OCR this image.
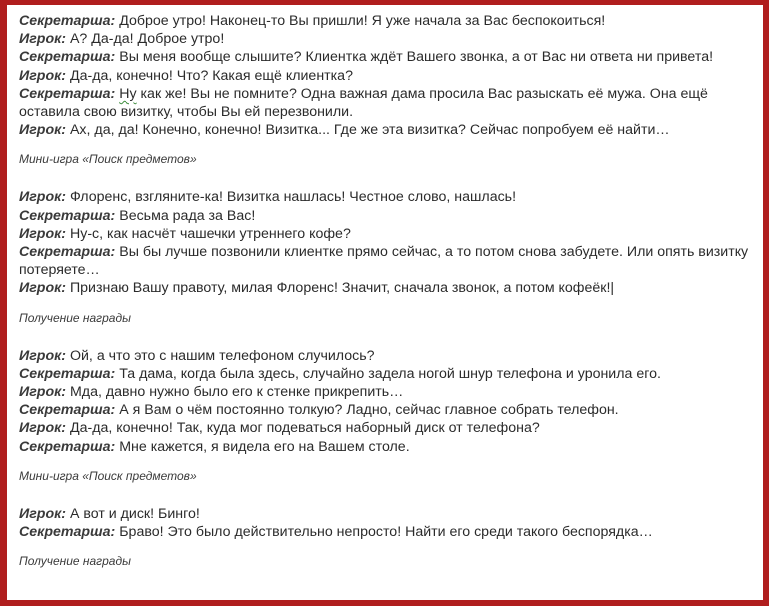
Секретарша: Доброе утро! Наконец-то Вы пришли! Я уже начала за Вас беспокоиться!

Игрок: А? Да-да! Доброе утро!

Секретарша: Вы меня вообще слышите? Клиентка ждёт Вашего звонка, а от Вас ни ответа ни привета!

Игрок: Да-да, конечно! Что? Какая ещё клиентка?

Секретарша: Ну как же! Вы не помните? Одна важная дама просила Вас разыскать её мужа. Она ещё оставила свою визитку, чтобы Вы ей перезвонили.

Игрок: Ах, да, да! Конечно, конечно! Визитка... Где же эта визитка? Сейчас попробуем её найти…

Мини-игра «Поиск предметов»

Игрок: Флоренс, взгляните-ка! Визитка нашлась! Честное слово, нашлась!

Секретарша: Весьма рада за Вас!

Игрок: Ну-с, как насчёт чашечки утреннего кофе?

Секретарша: Вы бы лучше позвонили клиентке прямо сейчас, а то потом снова забудете. Или опять визитку потеряете…

Игрок: Признаю Вашу правоту, милая Флоренс! Значит, сначала звонок, а потом кофеёк!|

Получение награды

Игрок: Ой, а что это с нашим телефоном случилось?

Секретарша: Та дама, когда была здесь, случайно задела ногой шнур телефона и уронила его.

Игрок: Мда, давно нужно было его к стенке прикрепить…

Секретарша: А я Вам о чём постоянно толкую? Ладно, сейчас главное собрать телефон.

Игрок: Да-да, конечно! Так, куда мог подеваться наборный диск от телефона?

Секретарша: Мне кажется, я видела его на Вашем столе.

Мини-игра «Поиск предметов»

Игрок: А вот и диск! Бинго!

Секретарша: Браво! Это было действительно непросто! Найти его среди такого беспорядка…

Получение награды
